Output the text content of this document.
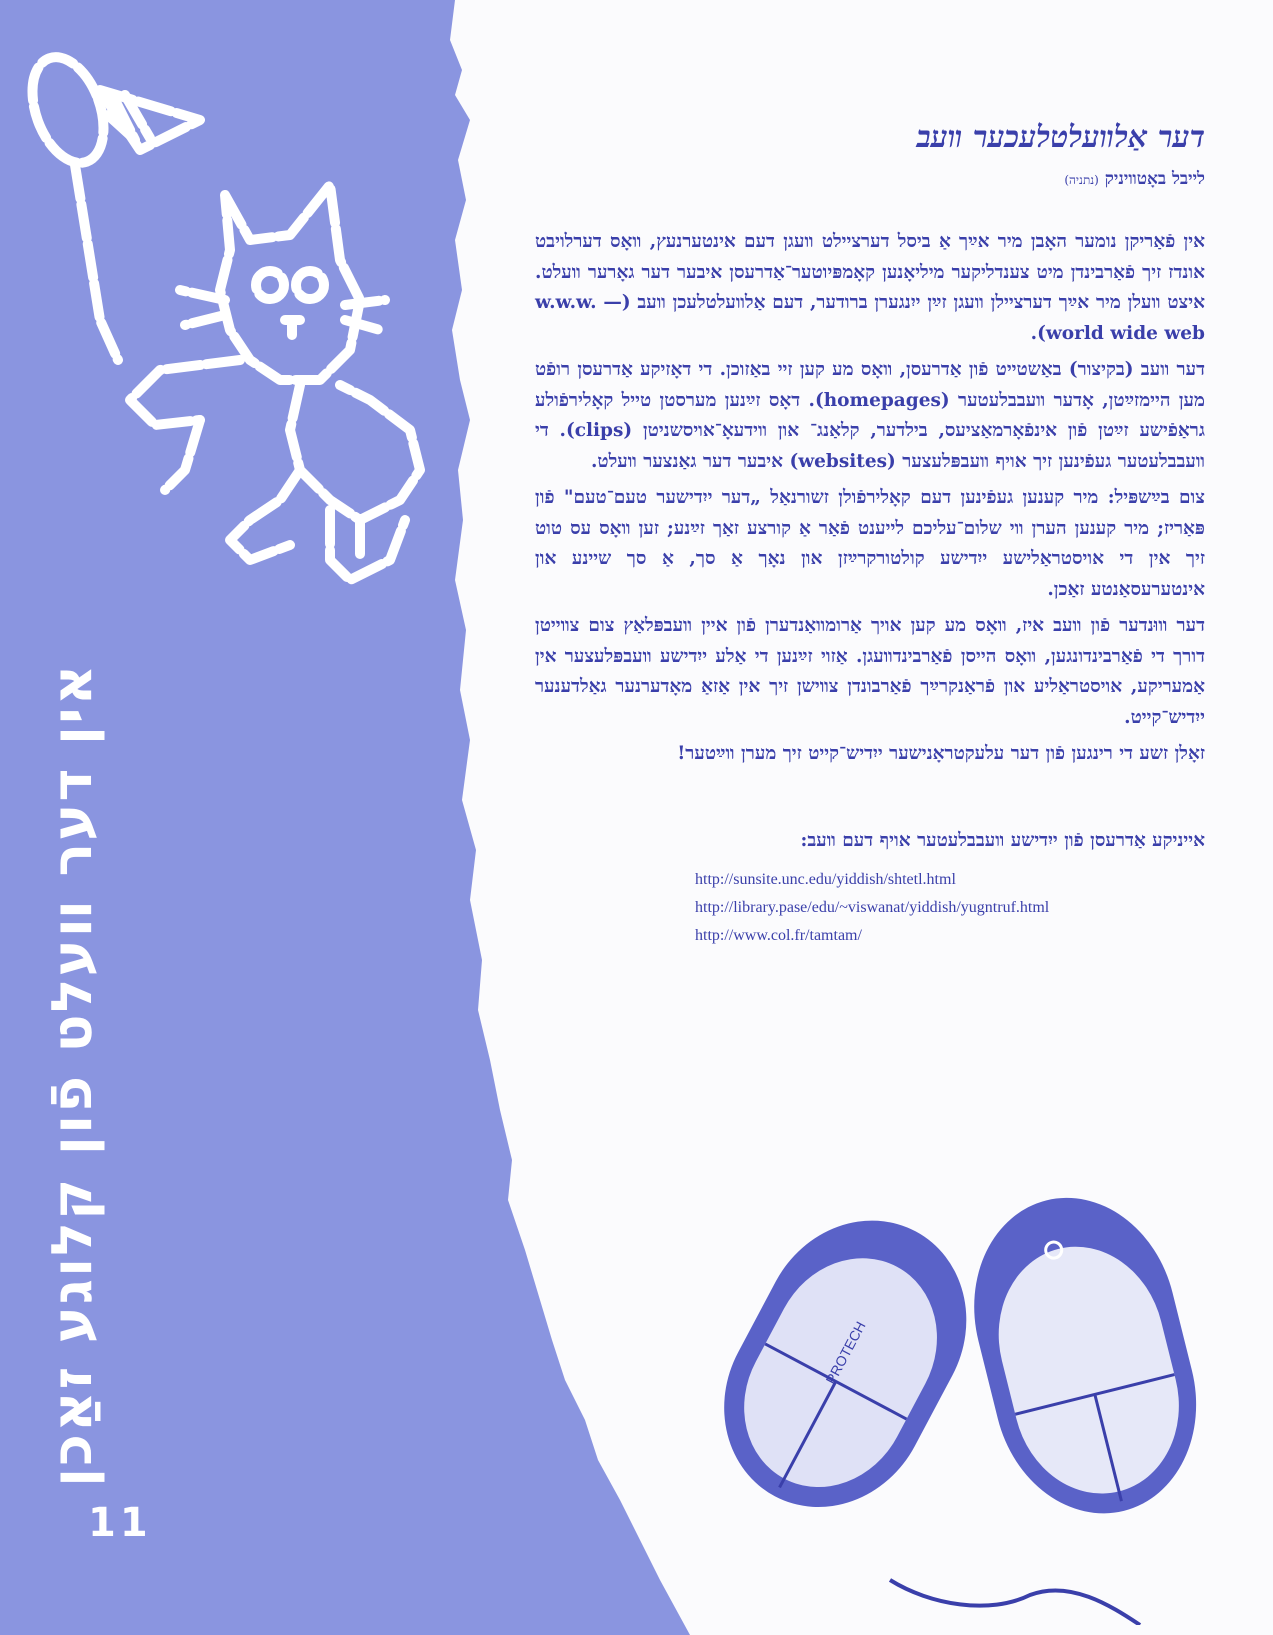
אין דער װעלט פֿון קלוגע זאַכן
11
דער אַלװעלטלעכער װעב
לייבל באָטװיניק (נתניה)

אין פֿאַריקן נומער האָבן מיר אײַך אַ ביסל דערציילט װעגן דעם אינטערנעץ, װאָס דערלויבט אונדז זיך פֿאַרבינדן מיט צענדליקער מיליאָנען קאָמפּיוטער־אַדרעסן איבער דער גאָרער װעלט. איצט װעלן מיר אײַך דערציילן װעגן זײַן ייִנגערן ברודער, דעם אַלװעלטלעכן װעב (w.w.w. — world wide web).

דער װעב (בקיצור) באַשטייט פֿון אַדרעסן, װאָס מע קען זיי באַזוכן. די דאָזיקע אַדרעסן רופֿט מען היימזײַטן, אָדער װעבבלעטער (homepages). דאָס זײַנען מערסטן טייל קאָלירפֿולע גראַפֿישע זײַטן פֿון אינפֿאָרמאַציעס, בילדער, קלאַנג־ און װידעאָ־אויסשניטן (clips). די װעבבלעטער געפֿינען זיך אויף װעבפּלעצער (websites) איבער דער גאַנצער װעלט.

צום בײַשפּיל: מיר קענען געפֿינען דעם קאָלירפֿולן זשורנאַל „דער ייִדישער טעם־טעם" פֿון פּאַריז; מיר קענען הערן װי שלום־עליכם לייענט פֿאַר אַ קורצע זאַך זײַנע; זען װאָס עס טוט זיך אין די אויסטראַלישע ייִדישע קולטורקרײַזן און נאָך אַ סך, אַ סך שיינע און אינטערעסאַנטע זאַכן.

דער װוּנדער פֿון װעב איז, װאָס מע קען אויך אַרומװאַנדערן פֿון איין װעבפּלאַץ צום צװייטן דורך די פֿאַרבינדונגען, װאָס הייסן פֿאַרבינדװעגן. אַזוי זײַנען די אַלע ייִדישע װעבפּלעצער אין אַמעריקע, אויסטראַליע און פֿראַנקרײַך פֿאַרבונדן צװישן זיך אין אַזאַ מאָדערנער גאַלדענער ייִדיש־קייט.

זאָלן זשע די רינגען פֿון דער עלעקטראָנישער ייִדיש־קייט זיך מערן װײַטער!

אייניקע אַדרעסן פֿון ייִדישע װעבבלעטער אויף דעם װעב:
http://sunsite.unc.edu/yiddish/shtetl.html
http://library.pase/edu/~viswanat/yiddish/yugntruf.html
http://www.col.fr/tamtam/
PROTECH
